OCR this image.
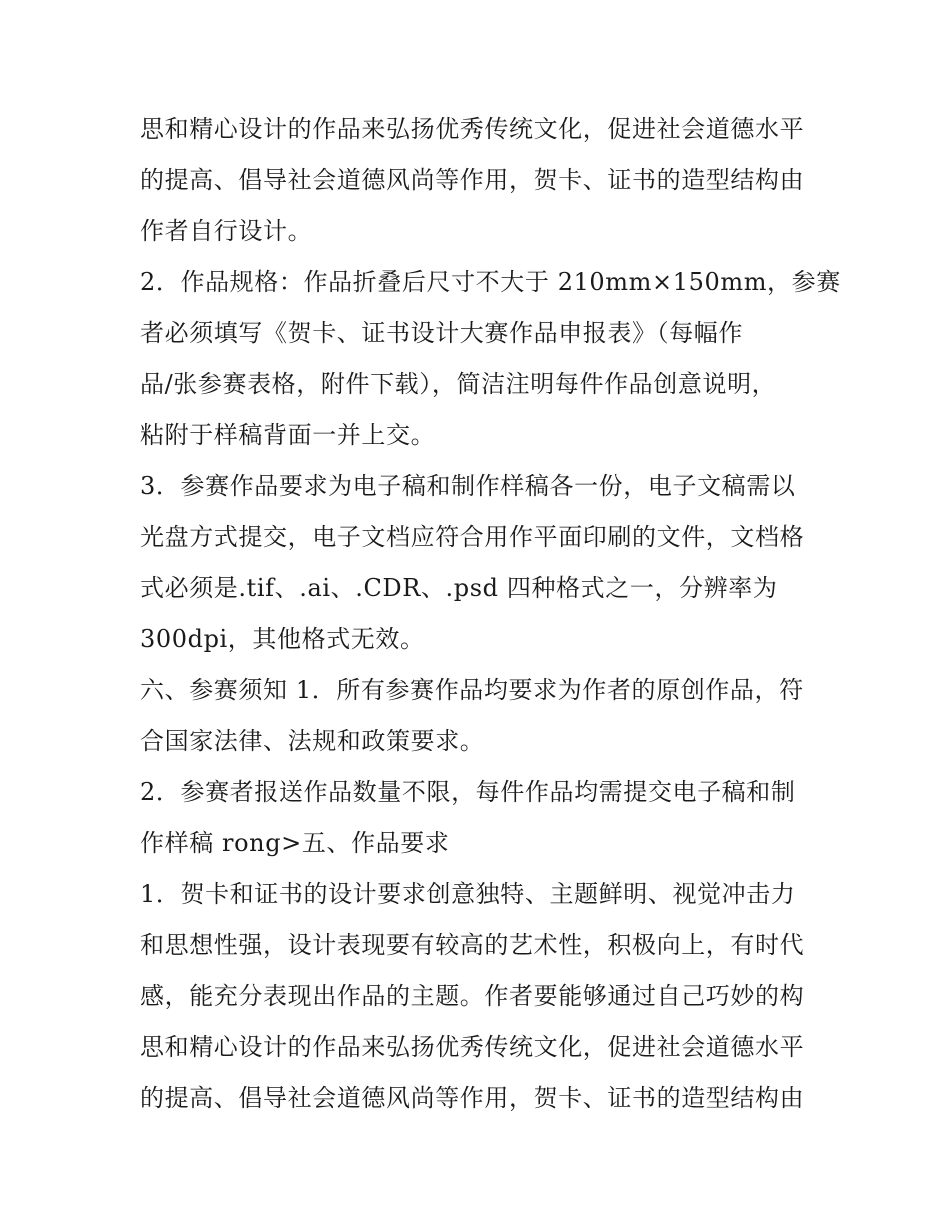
思和精心设计的作品来弘扬优秀传统文化，促进社会道德水平
的提高、倡导社会道德风尚等作用，贺卡、证书的造型结构由
作者自行设计。
2．作品规格：作品折叠后尺寸不大于 210mm×150mm，参赛
者必须填写《贺卡、证书设计大赛作品申报表》（每幅作
品/张参赛表格，附件下载），简洁注明每件作品创意说明，
粘附于样稿背面一并上交。
3．参赛作品要求为电子稿和制作样稿各一份，电子文稿需以
光盘方式提交，电子文档应符合用作平面印刷的文件，文档格
式必须是.tif、.ai、.CDR、.psd 四种格式之一，分辨率为
300dpi，其他格式无效。
六、参赛须知 1．所有参赛作品均要求为作者的原创作品，符
合国家法律、法规和政策要求。
2．参赛者报送作品数量不限，每件作品均需提交电子稿和制
作样稿 rong>五、作品要求
1．贺卡和证书的设计要求创意独特、主题鲜明、视觉冲击力
和思想性强，设计表现要有较高的艺术性，积极向上，有时代
感，能充分表现出作品的主题。作者要能够通过自己巧妙的构
思和精心设计的作品来弘扬优秀传统文化，促进社会道德水平
的提高、倡导社会道德风尚等作用，贺卡、证书的造型结构由
